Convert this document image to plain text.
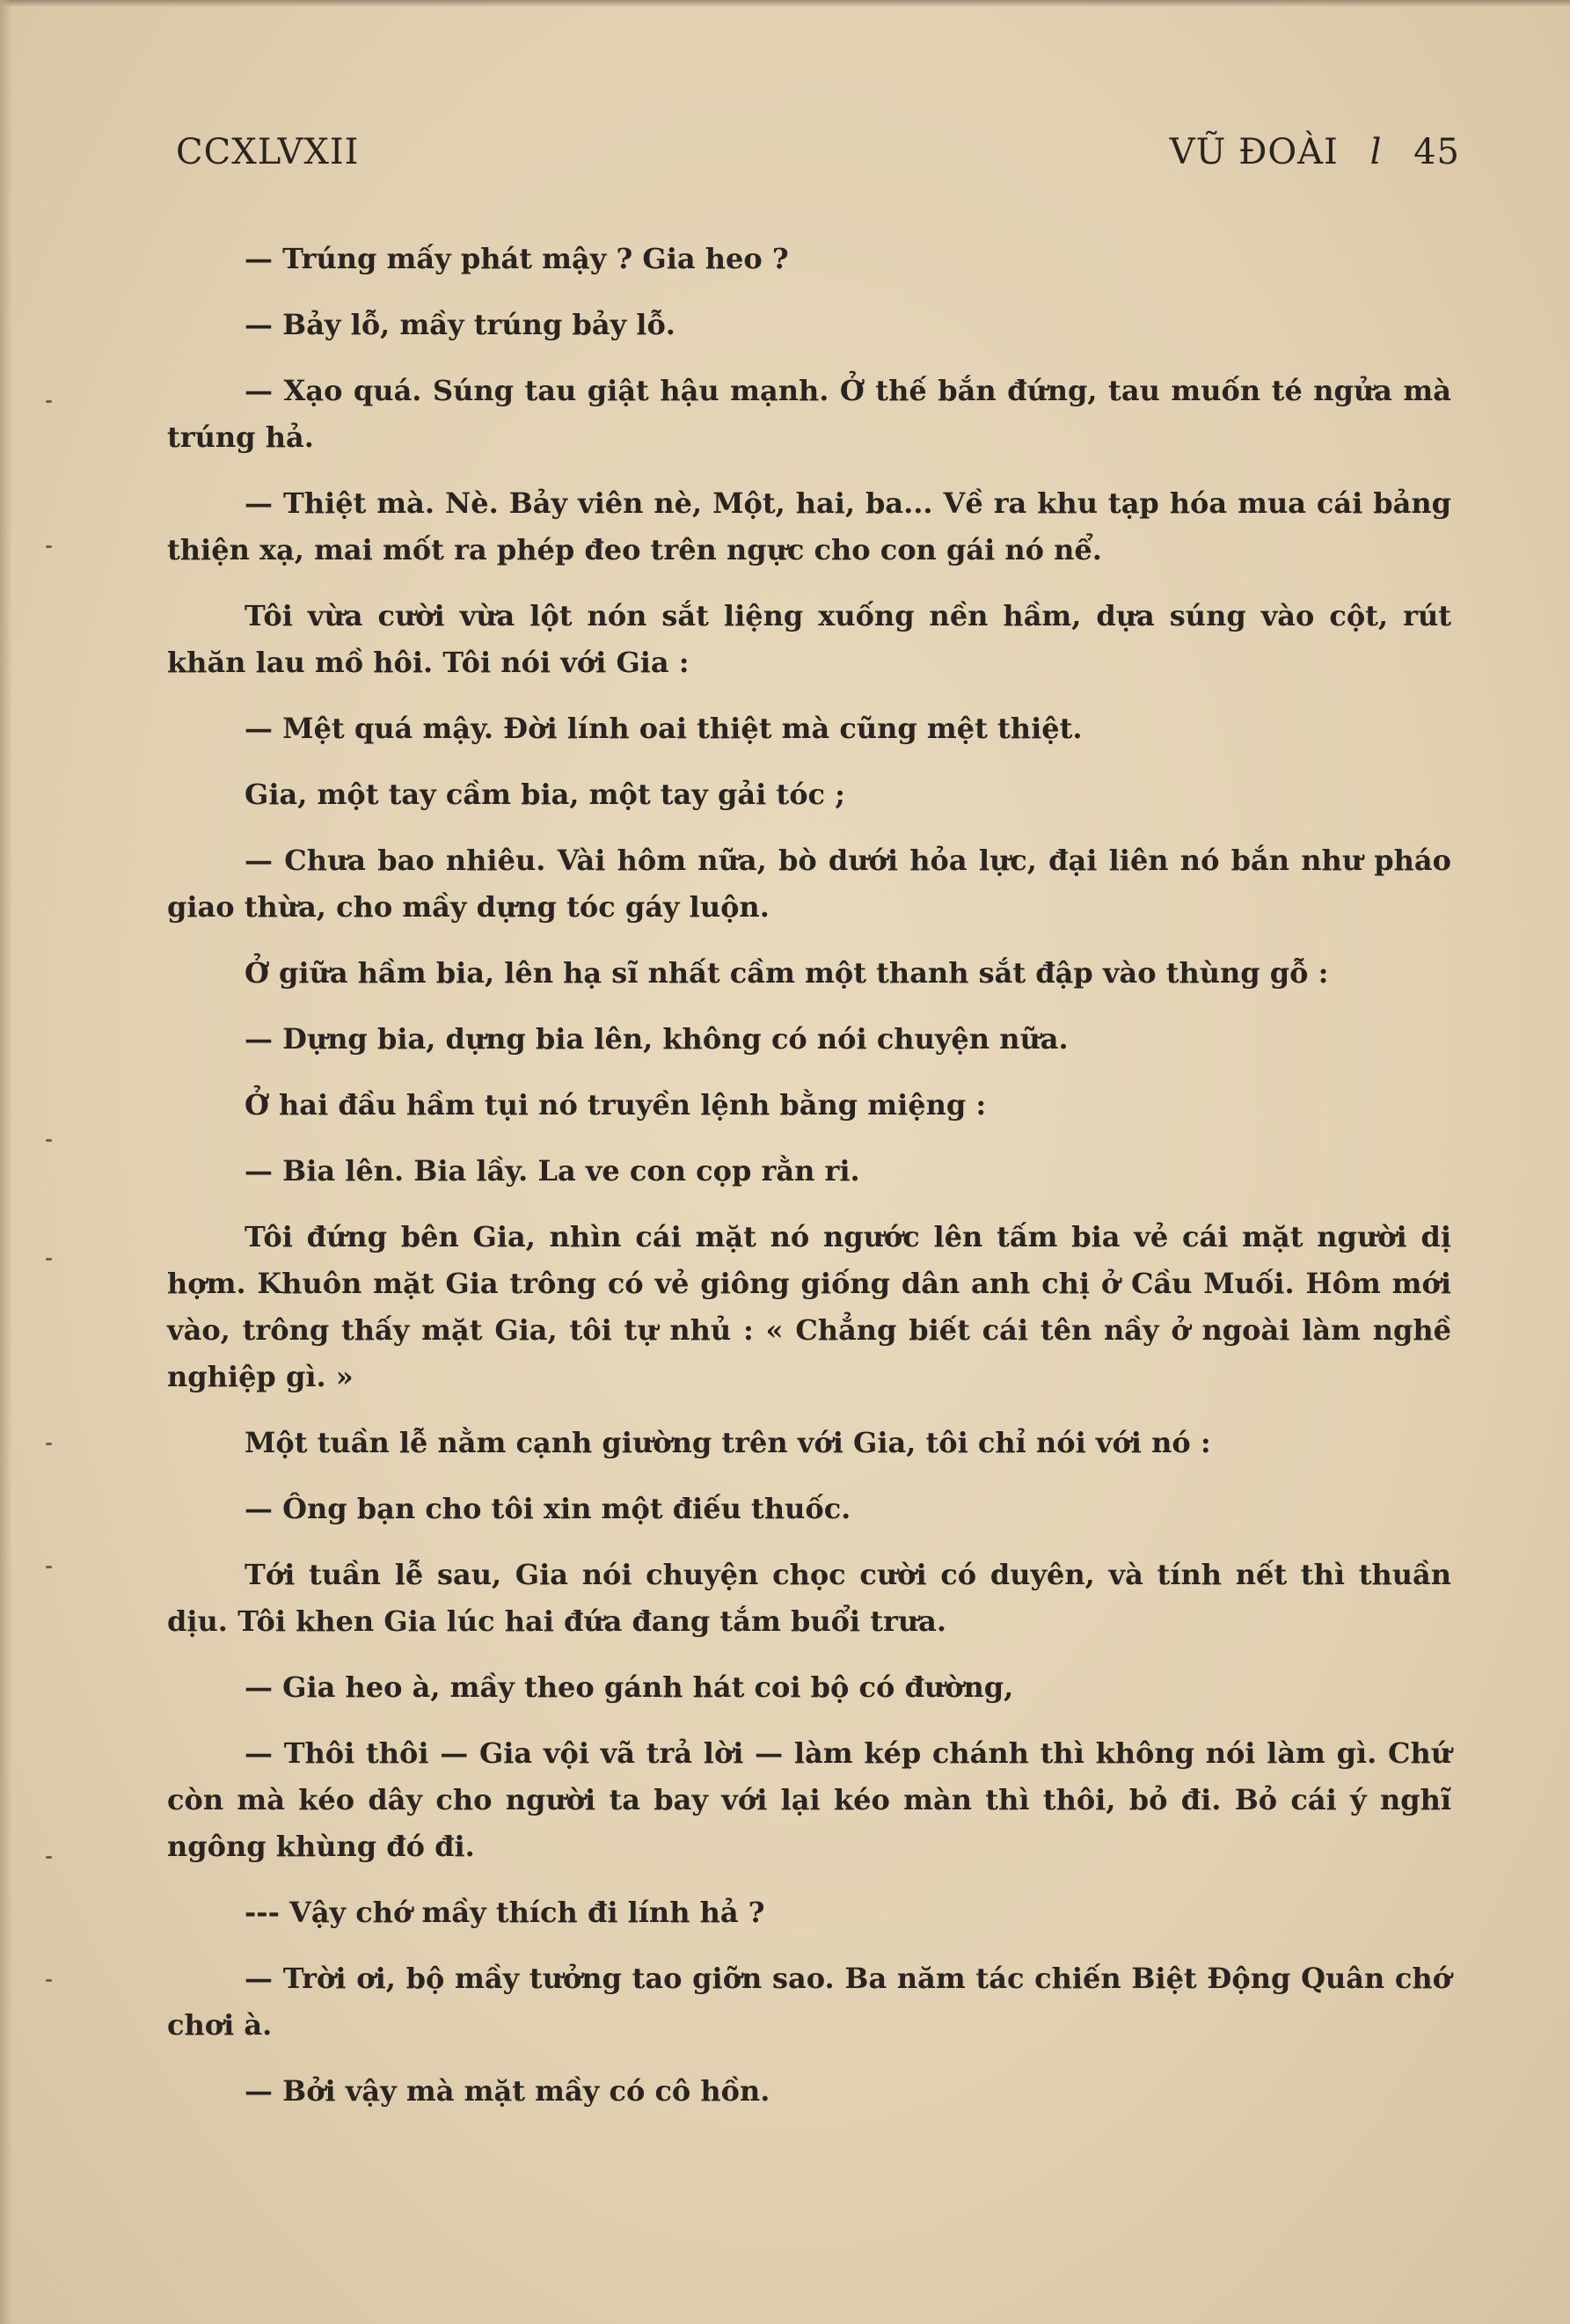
CCXLVXII	VŨ ĐOÀI l 45

— Trúng mấy phát mậy ? Gia heo ?

— Bảy lỗ, mầy trúng bảy lỗ.

— Xạo quá. Súng tau giật hậu mạnh. Ở thế bắn đứng, tau muốn té ngửa mà trúng hả.

— Thiệt mà. Nè. Bảy viên nè, Một, hai, ba... Về ra khu tạp hóa mua cái bảng thiện xạ, mai mốt ra phép đeo trên ngực cho con gái nó nể.

Tôi vừa cười vừa lột nón sắt liệng xuống nền hầm, dựa súng vào cột, rút khăn lau mồ hôi. Tôi nói với Gia :

— Mệt quá mậy. Đời lính oai thiệt mà cũng mệt thiệt.

Gia, một tay cầm bia, một tay gải tóc ;

— Chưa bao nhiêu. Vài hôm nữa, bò dưới hỏa lực, đại liên nó bắn như pháo giao thừa, cho mầy dựng tóc gáy luộn.

Ở giữa hầm bia, lên hạ sĩ nhất cầm một thanh sắt đập vào thùng gỗ :

— Dựng bia, dựng bia lên, không có nói chuyện nữa.

Ở hai đầu hầm tụi nó truyền lệnh bằng miệng :

— Bia lên. Bia lầy. La ve con cọp rằn ri.

Tôi đứng bên Gia, nhìn cái mặt nó ngước lên tấm bia vẻ cái mặt người dị hợm. Khuôn mặt Gia trông có vẻ giông giống dân anh chị ở Cầu Muối. Hôm mới vào, trông thấy mặt Gia, tôi tự nhủ : « Chẳng biết cái tên nầy ở ngoài làm nghề nghiệp gì. »

Một tuần lễ nằm cạnh giường trên với Gia, tôi chỉ nói với nó :

— Ông bạn cho tôi xin một điếu thuốc.

Tới tuần lễ sau, Gia nói chuyện chọc cười có duyên, và tính nết thì thuần dịu. Tôi khen Gia lúc hai đứa đang tắm buổi trưa.

— Gia heo à, mầy theo gánh hát coi bộ có đường,

— Thôi thôi — Gia vội vã trả lời — làm kép chánh thì không nói làm gì. Chứ còn mà kéo dây cho người ta bay với lại kéo màn thì thôi, bỏ đi. Bỏ cái ý nghĩ ngông khùng đó đi.

--- Vậy chớ mầy thích đi lính hả ?

— Trời ơi, bộ mầy tưởng tao giỡn sao. Ba năm tác chiến Biệt Động Quân chớ chơi à.

— Bởi vậy mà mặt mầy có cô hồn.
